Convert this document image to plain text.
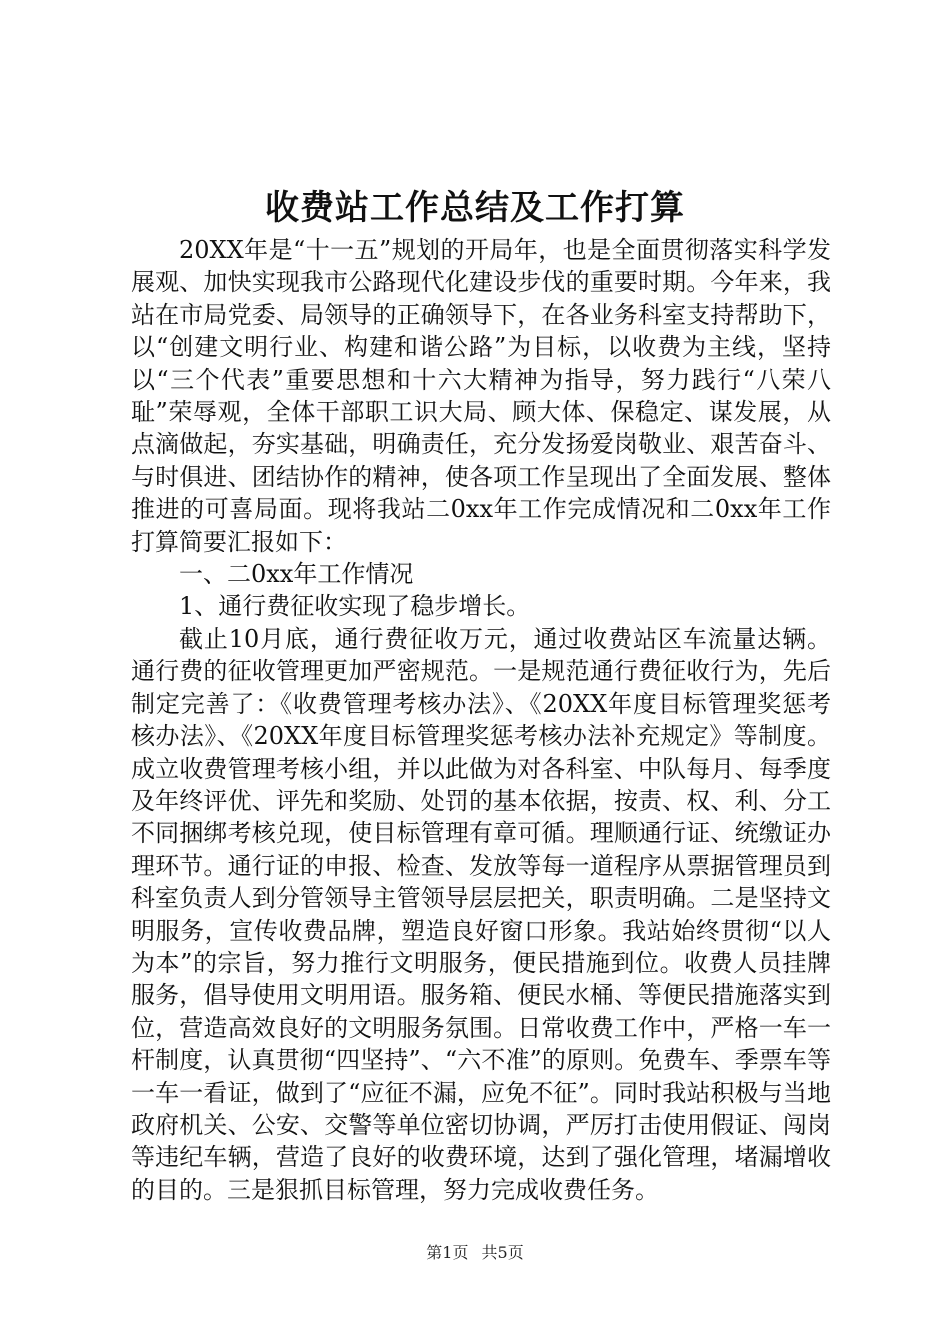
收费站工作总结及工作打算

20XX年是“十一五”规划的开局年，也是全面贯彻落实科学发展观、加快实现我市公路现代化建设步伐的重要时期。今年来，我站在市局党委、局领导的正确领导下，在各业务科室支持帮助下，以“创建文明行业、构建和谐公路”为目标，以收费为主线，坚持以“三个代表”重要思想和十六大精神为指导，努力践行“八荣八耻”荣辱观，全体干部职工识大局、顾大体、保稳定、谋发展，从点滴做起，夯实基础，明确责任，充分发扬爱岗敬业、艰苦奋斗、与时俱进、团结协作的精神，使各项工作呈现出了全面发展、整体推进的可喜局面。现将我站二0xx年工作完成情况和二0xx年工作打算简要汇报如下：

一、二0xx年工作情况

1、通行费征收实现了稳步增长。

截止10月底，通行费征收万元，通过收费站区车流量达辆。通行费的征收管理更加严密规范。一是规范通行费征收行为，先后制定完善了：《收费管理考核办法》、《20XX年度目标管理奖惩考核办法》、《20XX年度目标管理奖惩考核办法补充规定》等制度。成立收费管理考核小组，并以此做为对各科室、中队每月、每季度及年终评优、评先和奖励、处罚的基本依据，按责、权、利、分工不同捆绑考核兑现，使目标管理有章可循。理顺通行证、统缴证办理环节。通行证的申报、检查、发放等每一道程序从票据管理员到科室负责人到分管领导主管领导层层把关，职责明确。二是坚持文明服务，宣传收费品牌，塑造良好窗口形象。我站始终贯彻“以人为本”的宗旨，努力推行文明服务，便民措施到位。收费人员挂牌服务，倡导使用文明用语。服务箱、便民水桶、等便民措施落实到位，营造高效良好的文明服务氛围。日常收费工作中，严格一车一杆制度，认真贯彻“四坚持”、“六不准”的原则。免费车、季票车等一车一看证，做到了“应征不漏，应免不征”。同时我站积极与当地政府机关、公安、交警等单位密切协调，严厉打击使用假证、闯岗等违纪车辆，营造了良好的收费环境，达到了强化管理，堵漏增收的目的。三是狠抓目标管理，努力完成收费任务。

第1页 共5页
